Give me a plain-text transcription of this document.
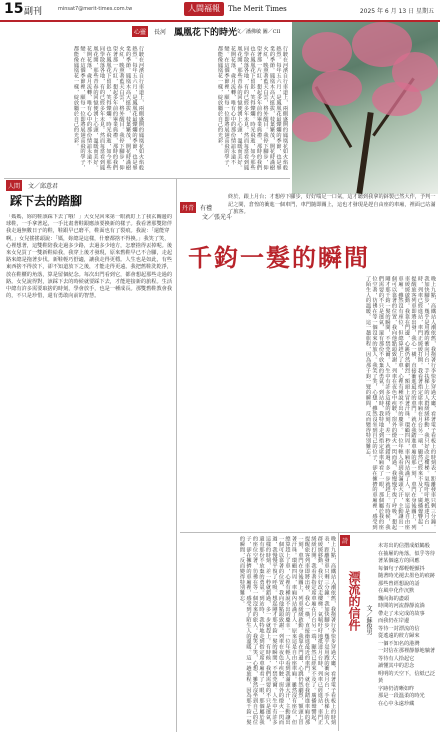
15 副刊	minsat7@merit-times.com.tw	人間福報	The Merit Times	2025 年 6 月 13 日 星期五
心靈	長河 鳳凰花下的時光
文／潘佛敏 圖／CII
行駛在河濱自行車道上，兩側盛開的鳳凰花如火焰般熱烈。每年五六月，是鳳凰花最燦爛的季節，也是畢業的季節。鳳凰木高大挺拔，枝葉繁茂，開花時滿樹火紅，映照著藍天白雲，格外醒目。我停下腳步，仰望著那一片紅，想起多年前的畢業典禮，那時的我們也在鳳凰花下留影，笑得燦爛。時光飛逝，如今那些同學散落各地，有的已經多年未見。然而每當看到鳳凰花開，那些青春的回憶便湧上心頭，溫暖而美好。花開花落，歲月流轉，唯有心中的那份情誼永遠不變。在這個季節裡，願每一位即將展翅高飛的學子，都能像鳳凰花一樣，綻放屬於自己的光彩。
行駛在河濱自行車道上，兩側盛開的鳳凰花如火焰般熱烈。每年五六月，是鳳凰花最燦爛的季節，也是畢業的季節。鳳凰木高大挺拔，枝葉繁茂，開花時滿樹火紅，映照著藍天白雲，格外醒目。我停下腳步，仰望著那一片紅，想起多年前的畢業典禮，那時的我們也在鳳凰花下留影，笑得燦爛。時光飛逝，如今那些同學散落各地，有的已經多年未見。然而每當看到鳳凰花開，那些青春的回憶便湧上心頭，溫暖而美好。花開花落，歲月流轉，唯有心中的那份情誼永遠不變。在這個季節裡，願每一位即將展翅高飛的學子，都能像鳳凰花一樣，綻放屬於自己的光彩。
人間	文／邱意君
踩下去的踏腳
「媽媽，妳的鞋該踩下去了哦！」大女兒回來第一眼就盯上了我玄關邊的球鞋，一手拿著起，一手比畫著鞋跟應該要換新的樣子。我看著那雙陪伴我走過無數日子的鞋，鞋跟早已磨平，鞋面也有了裂痕。我說：「還能穿啊。」女兒搖搖頭說：「媽，妳總是這樣，什麼都捨不得換。」我笑了笑，心裡想著，這雙鞋陪我走過多少路，去過多少地方，怎麼捨得丟掉呢。後來女兒買了一雙新鞋給我，我穿上後才發現，原來舊鞋早已不合腳，走起路來總是拖著步伐。新鞋輕巧舒適，讓我走得更穩。人生也是如此，有些東西捨不得放下，卻不知道放下之後，才能走得更遠。我把舊鞋洗乾淨，放在鞋櫃的角落，算是留個紀念。每次出門看到它，都會想起那些走過的路。女兒說得對，該踩下去的時候就要踩下去，才能迎接新的旅程。生活中總有許多需要取捨的時刻，學會放手，也是一種成長。那雙舊鞋教會我的，不只是珍惜，還有勇敢向前的智慧。
丹青 有禮
文／張光斗
終於，跟上月台；才想停下腳步，好好喘足一口氣，這才聽到我拿的鉢製已然大作，予判一記之間，倉惶的衝進一個車門，車門隨即關上，這也才發現是趕自由座的車廂，裡面已站滿了旅客。
千鈞一髮的瞬間
晚上九點，高鐵站人潮依舊，我拖著行李快步穿過大廳，看著電子看板上的時刻表，距離發車只剩三分鐘。我加快腳步，幾乎是用跑的衝向月台，手扶梯上的人群緩緩移動，我只好改走樓梯。氣喘吁吁地抵達月台時，列車已經進站，車門正緩緩打開。我看著指定席車廂在月台另一端，顯然已經來不及了。廣播聲響起，提醒旅客列車即將出發，我心一橫，直接衝進最近的車門。就在我踏進車廂的那一刻，車門在身後關上，列車緩緩啟動。我靠在門邊，心跳仍然劇烈，額頭上冒著汗珠。環顧四周，車廂內站滿了人，原來這是自由座車廂。雖然沒有座位，但總算趕上了車，心裡有種說不出的慶幸。一位年輕人看到我滿頭大汗，主動讓出一個可以靠著的位置，我向他點頭致謝。列車在夜色中疾駛，窗外的燈火一閃而過，我慢慢平復了呼吸。想起剛才那千鈞一髮的瞬間，不禁莞爾。人生中有許多這樣的時刻，差一秒就錯過，多一步就趕上。有時候，我們需要的不只是運氣，還有那份不放棄的勇氣。到站時，我特地走到指定席車廂看了一眼，那個屬於我的座位空著，彷彿在等一個沒來的旅人。我笑了笑，心想，雖然沒坐到自己的位子，卻在擁擠的車廂裡，感受到了陌生人的溫暖。這一趟旅程，因為那千鈞一髮的瞬間，反而變得特別難忘。
晚上九點，高鐵站人潮依舊，我拖著行李快步穿過大廳，看著電子看板上的時刻表，距離發車只剩三分鐘。我加快腳步，幾乎是用跑的衝向月台，手扶梯上的人群緩緩移動，我只好改走樓梯。氣喘吁吁地抵達月台時，列車已經進站，車門正緩緩打開。我看著指定席車廂在月台另一端，顯然已經來不及了。廣播聲響起，提醒旅客列車即將出發，我心一橫，直接衝進最近的車門。就在我踏進車廂的那一刻，車門在身後關上，列車緩緩啟動。我靠在門邊，心跳仍然劇烈，額頭上冒著汗珠。環顧四周，車廂內站滿了人，原來這是自由座車廂。雖然沒有座位，但總算趕上了車，心裡有種說不出的慶幸。一位年輕人看到我滿頭大汗，主動讓出一個可以靠著的位置，我向他點頭致謝。列車在夜色中疾駛，窗外的燈火一閃而過，我慢慢平復了呼吸。想起剛才那千鈞一髮的瞬間，不禁莞爾。人生中有許多這樣的時刻，差一秒就錯過，多一步就趕上。有時候，我們需要的不只是運氣，還有那份不放棄的勇氣。到站時，我特地走到指定席車廂看了一眼，那個屬於我的座位空著，彷彿在等一個沒來的旅人。我笑了笑，心想，雖然沒坐到自己的位子，卻在擁擠的車廂裡，感受到了陌生人的溫暖。這一趟旅程，因為那千鈞一髮的瞬間，反而變得特別難忘。	詩
漂流的信件 文／蘇俊男
未寄出的信摺成紙鶴般
在抽屜的角落，似乎等待著某個遠方的回應
每個句子都輕輕顫抖
隨著時光褪去墨色的痕跡
那些曾經想說的話
在風中化作沉默
飄向海的盡頭
時間的河流靜靜流淌
帶走了未完成的故事
而我仍在岸邊
等待一封漂流的信
從遙遠的彼方歸來
一個不知名的港灣
一封信在那裡靜靜地躺著
等待有人拾起它
讀懂其中的思念
明明的天空下，信紙已泛黃
字跡仍清晰如昨
那是一段溫柔的時光
在心中永遠珍藏
